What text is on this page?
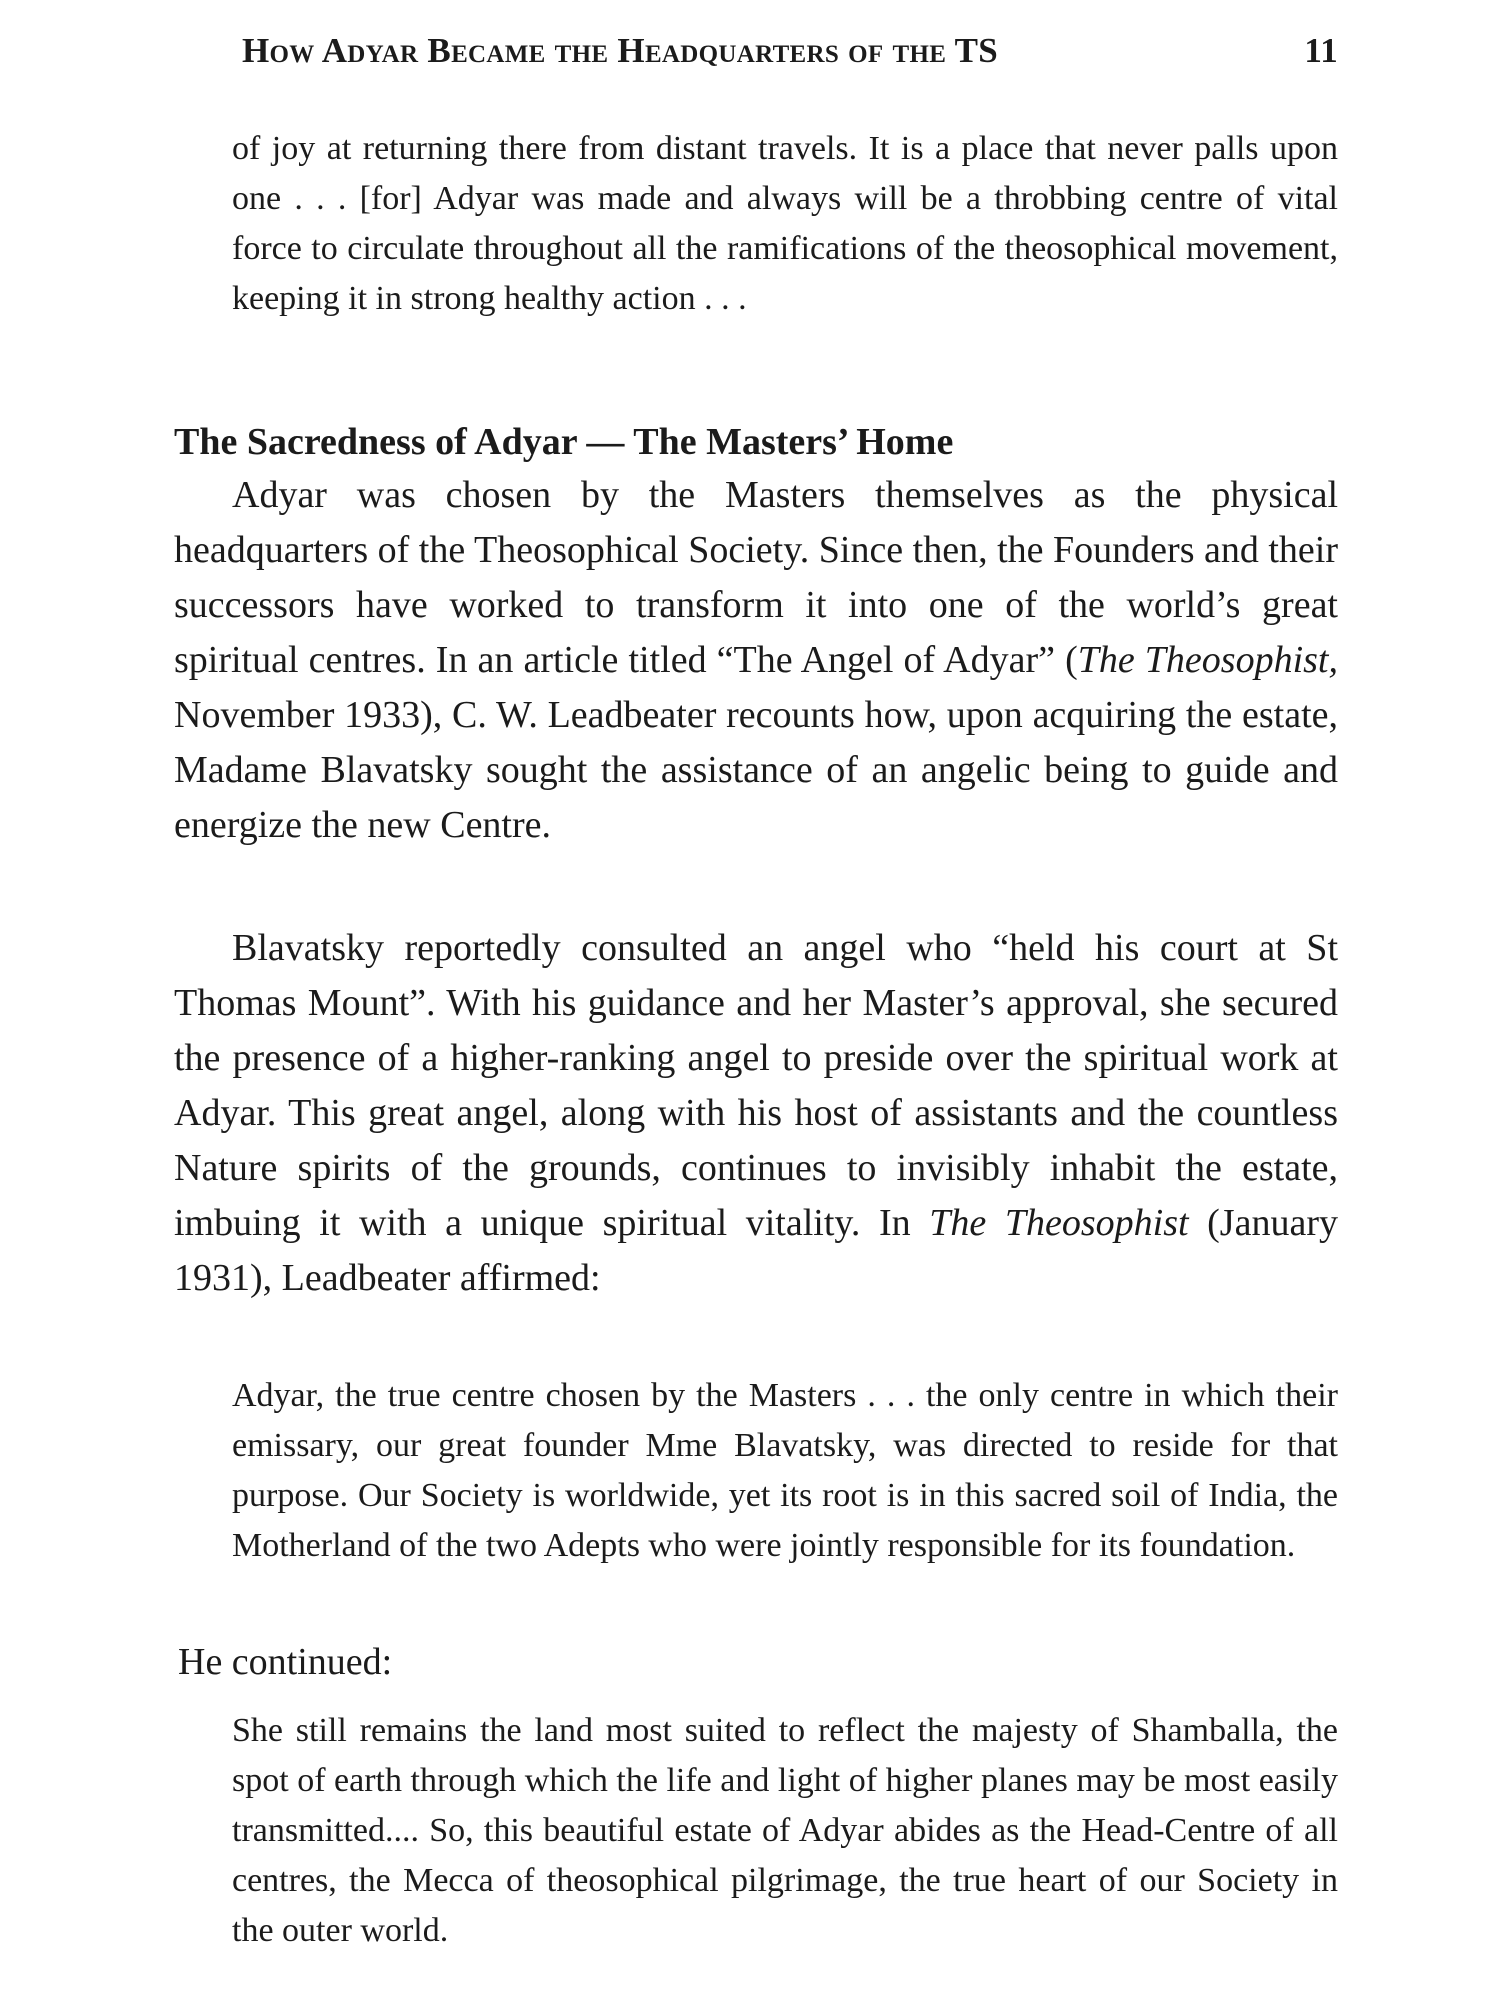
How Adyar Became the Headquarters of the TS	11

of joy at returning there from distant travels. It is a place that never palls upon one . . . [for] Adyar was made and always will be a throbbing centre of vital force to circulate throughout all the ramifications of the theosophical movement, keeping it in strong healthy action . . .

The Sacredness of Adyar — The Masters’ Home

Adyar was chosen by the Masters themselves as the physical headquarters of the Theosophical Society. Since then, the Founders and their successors have worked to transform it into one of the world’s great spiritual centres. In an article titled “The Angel of Adyar” (The Theosophist, November 1933), C. W. Leadbeater recounts how, upon acquiring the estate, Madame Blavatsky sought the assistance of an angelic being to guide and energize the new Centre.

Blavatsky reportedly consulted an angel who “held his court at St Thomas Mount”. With his guidance and her Master’s approval, she secured the presence of a higher-ranking angel to preside over the spiritual work at Adyar. This great angel, along with his host of assistants and the countless Nature spirits of the grounds, continues to invisibly inhabit the estate, imbuing it with a unique spiritual vitality. In The Theosophist (January 1931), Leadbeater affirmed:

Adyar, the true centre chosen by the Masters . . . the only centre in which their emissary, our great founder Mme Blavatsky, was directed to reside for that purpose. Our Society is worldwide, yet its root is in this sacred soil of India, the Motherland of the two Adepts who were jointly responsible for its foundation.

He continued:

She still remains the land most suited to reflect the majesty of Shamballa, the spot of earth through which the life and light of higher planes may be most easily transmitted.... So, this beautiful estate of Adyar abides as the Head-Centre of all centres, the Mecca of theosophical pilgrimage, the true heart of our Society in the outer world.
